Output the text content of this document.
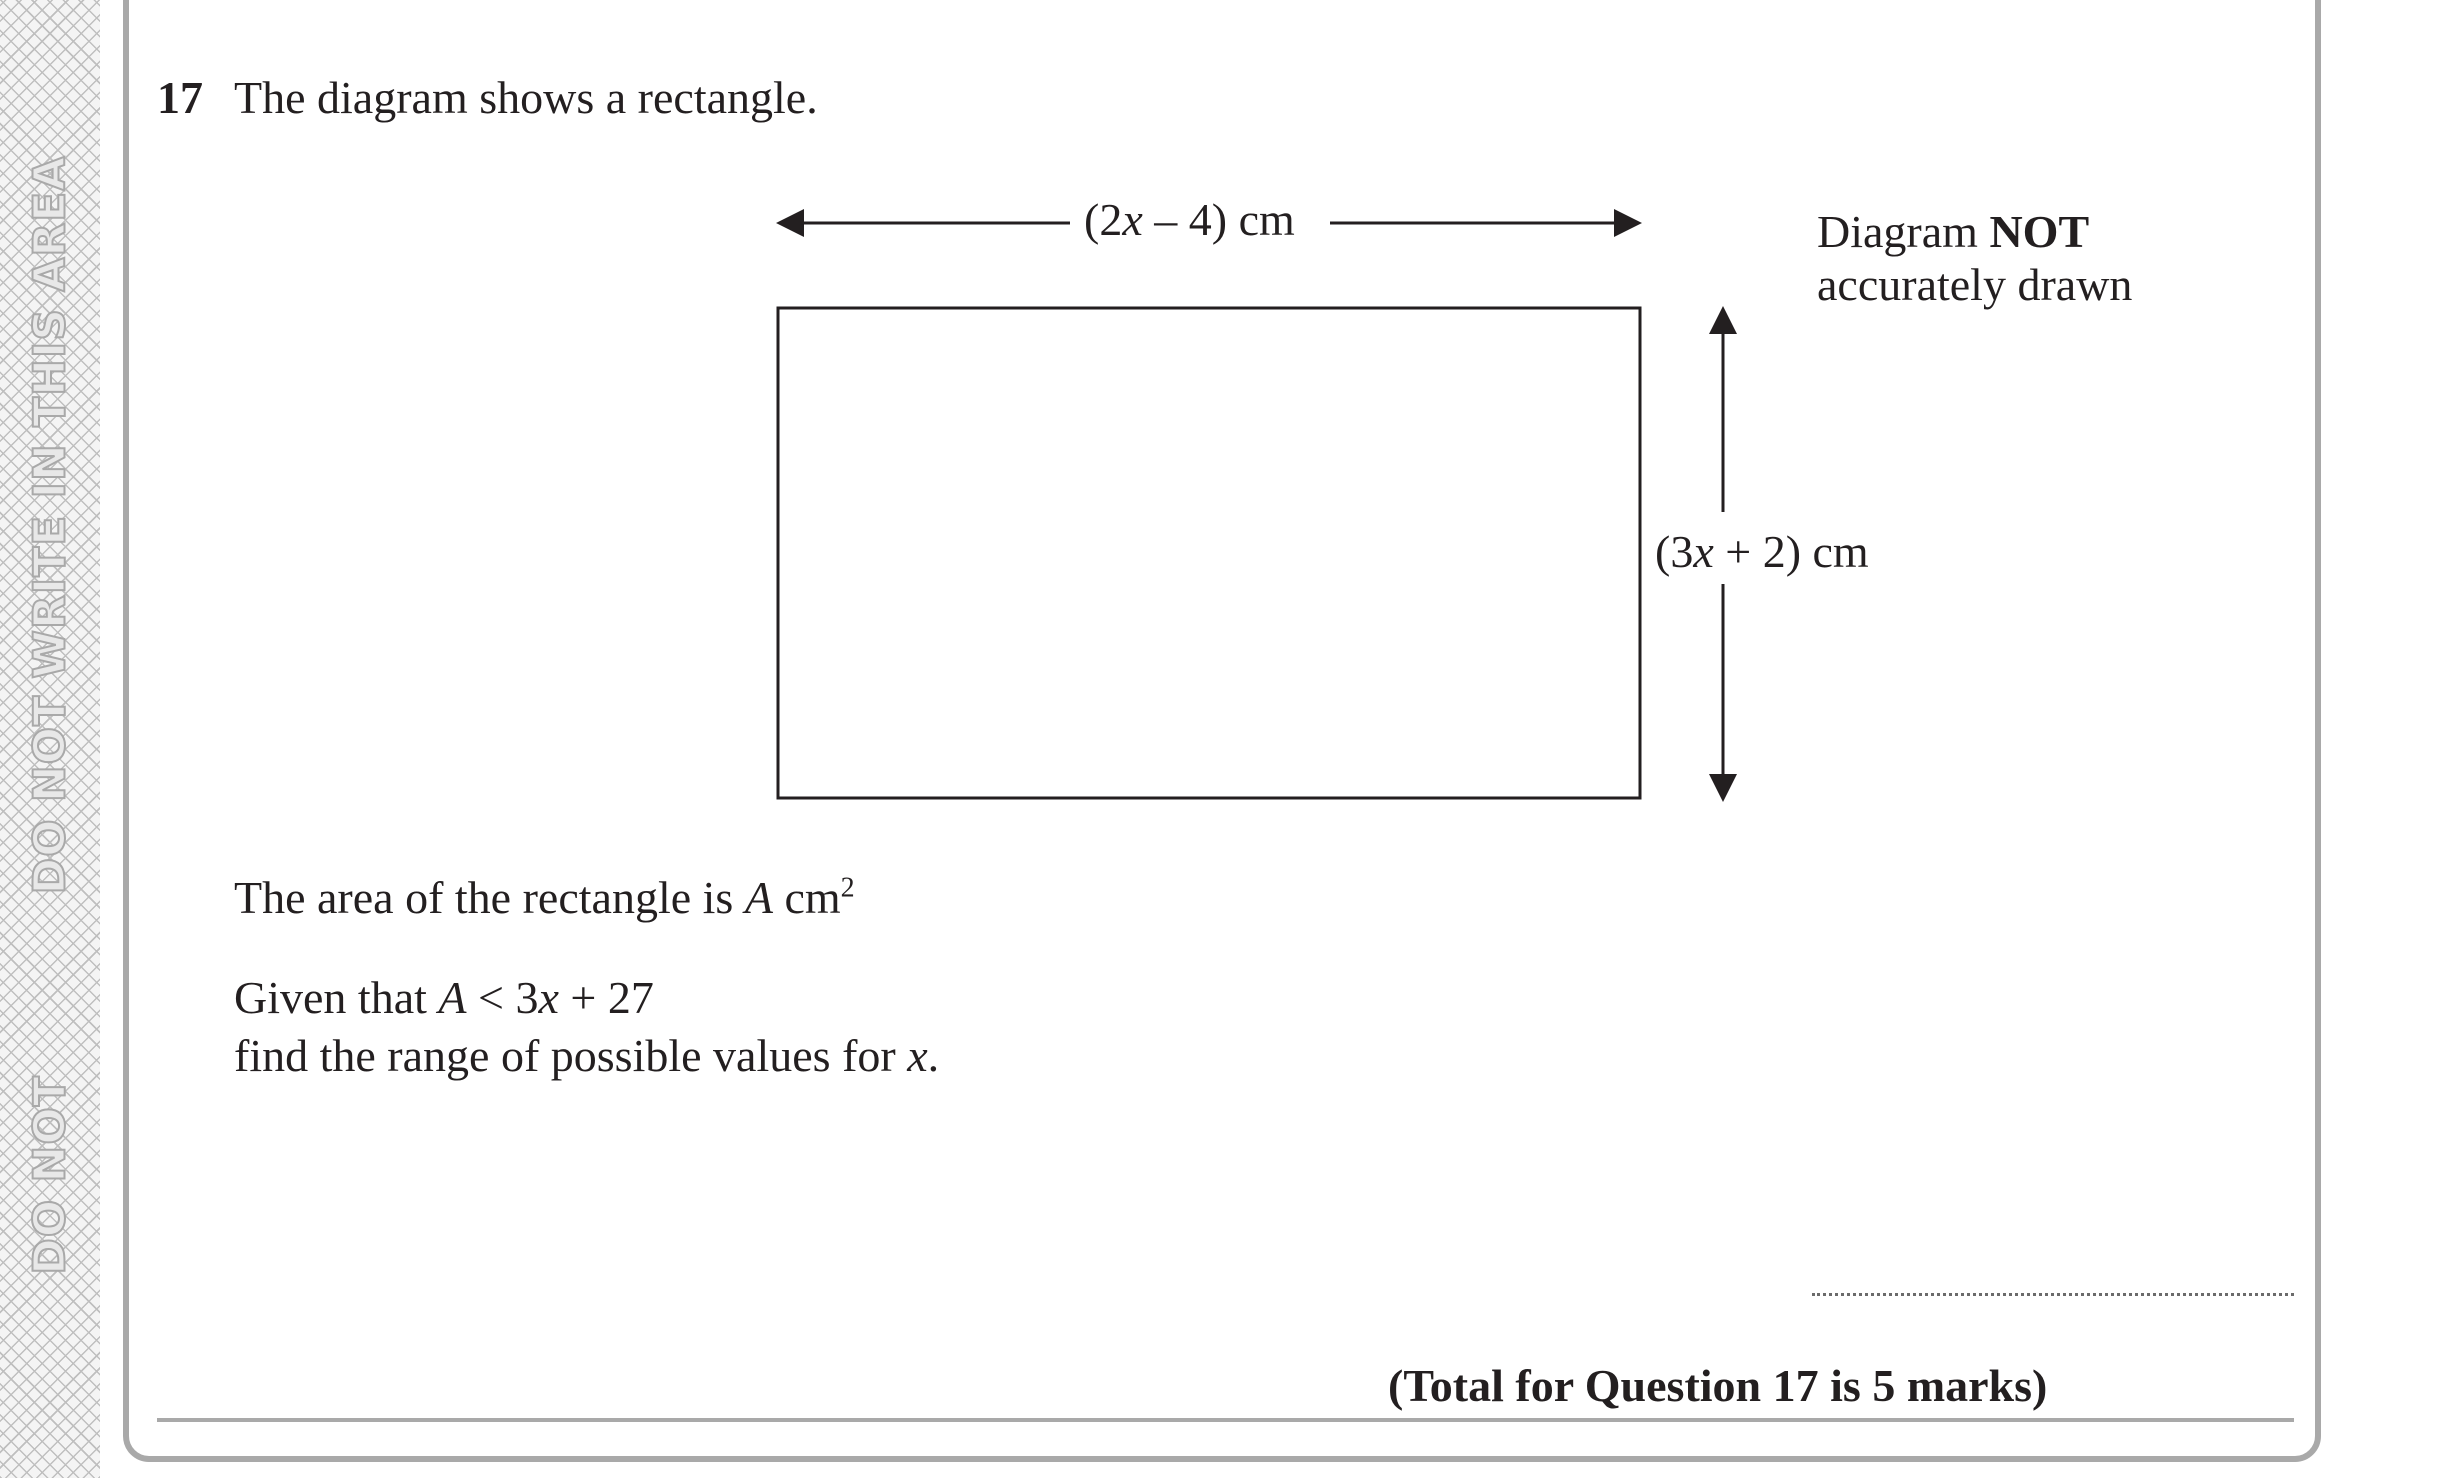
DO NOT WRITE IN THIS AREA
DO NOT
17 The diagram shows a rectangle.
(2x – 4) cm
(3x + 2) cm
Diagram NOT
accurately drawn
The area of the rectangle is A $cm^2$
Given that A < 3x + 27
find the range of possible values for x.
(Total for Question 17 is 5 marks)
